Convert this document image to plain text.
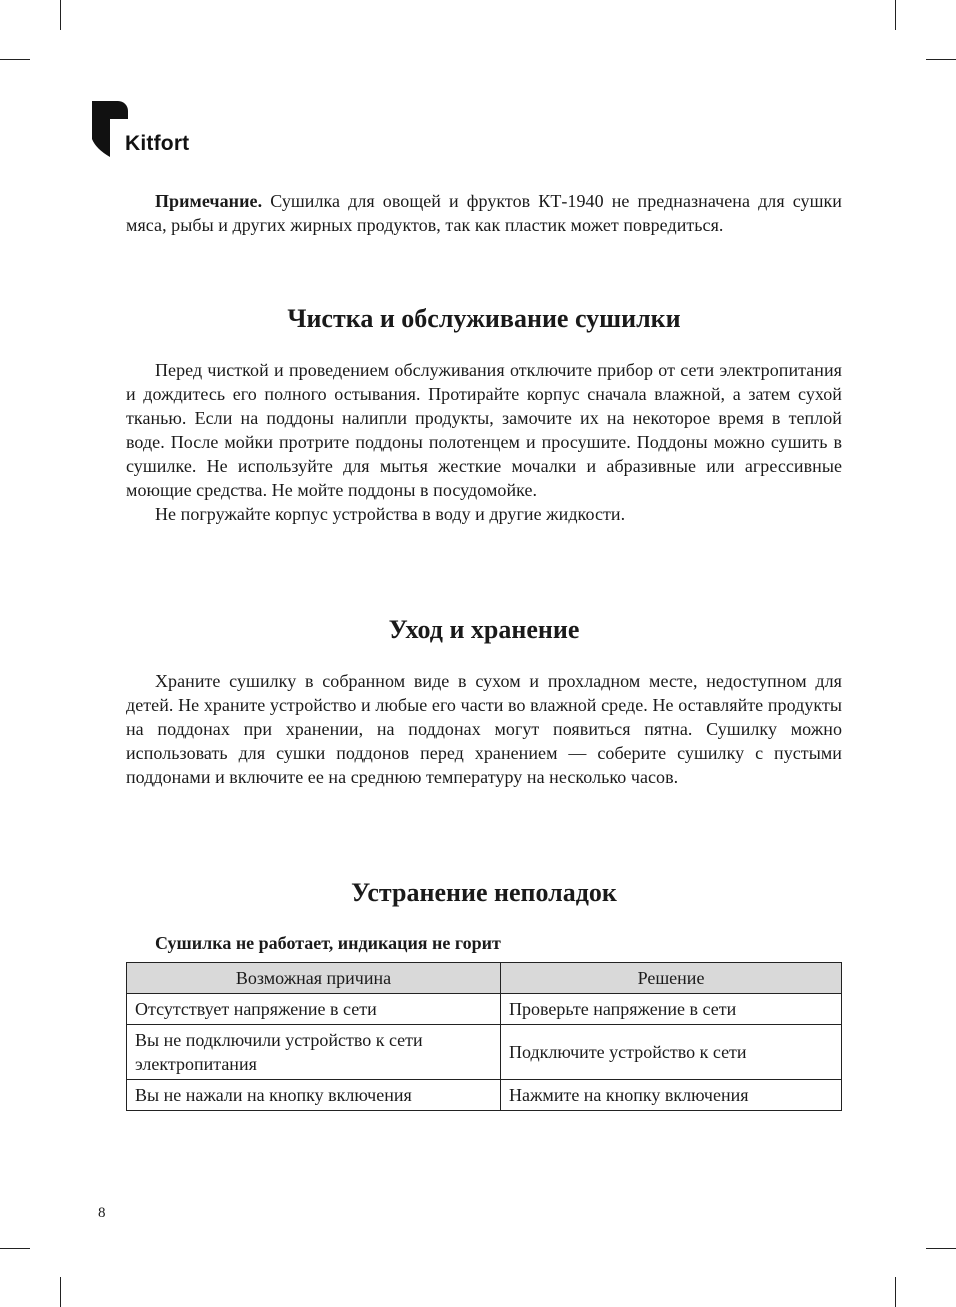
Kitfort

Примечание. Сушилка для овощей и фруктов КТ-1940 не предназначена для сушки мяса, рыбы и других жирных продуктов, так как пластик может повредиться.

Чистка и обслуживание сушилки

Перед чисткой и проведением обслуживания отключите прибор от сети электропитания и дождитесь его полного остывания. Протирайте корпус сначала влажной, а затем сухой тканью. Если на поддоны налипли продукты, замочите их на некоторое время в теплой воде. После мойки протрите поддоны полотенцем и просушите. Поддоны можно сушить в сушилке. Не используйте для мытья жесткие мочалки и абразивные или агрессивные моющие средства. Не мойте поддоны в посудомойке.

Не погружайте корпус устройства в воду и другие жидкости.

Уход и хранение

Храните сушилку в собранном виде в сухом и прохладном месте, недоступном для детей. Не храните устройство и любые его части во влажной среде. Не оставляйте продукты на поддонах при хранении, на поддонах могут появиться пятна. Сушилку можно использовать для сушки поддонов перед хранением — соберите сушилку с пустыми поддонами и включите ее на среднюю температуру на несколько часов.

Устранение неполадок
Сушилка не работает, индикация не горит
Возможная причина	Решение
Отсутствует напряжение в сети	Проверьте напряжение в сети
Вы не подключили устройство к сети электропитания	Подключите устройство к сети
Вы не нажали на кнопку включения	Нажмите на кнопку включения
8
